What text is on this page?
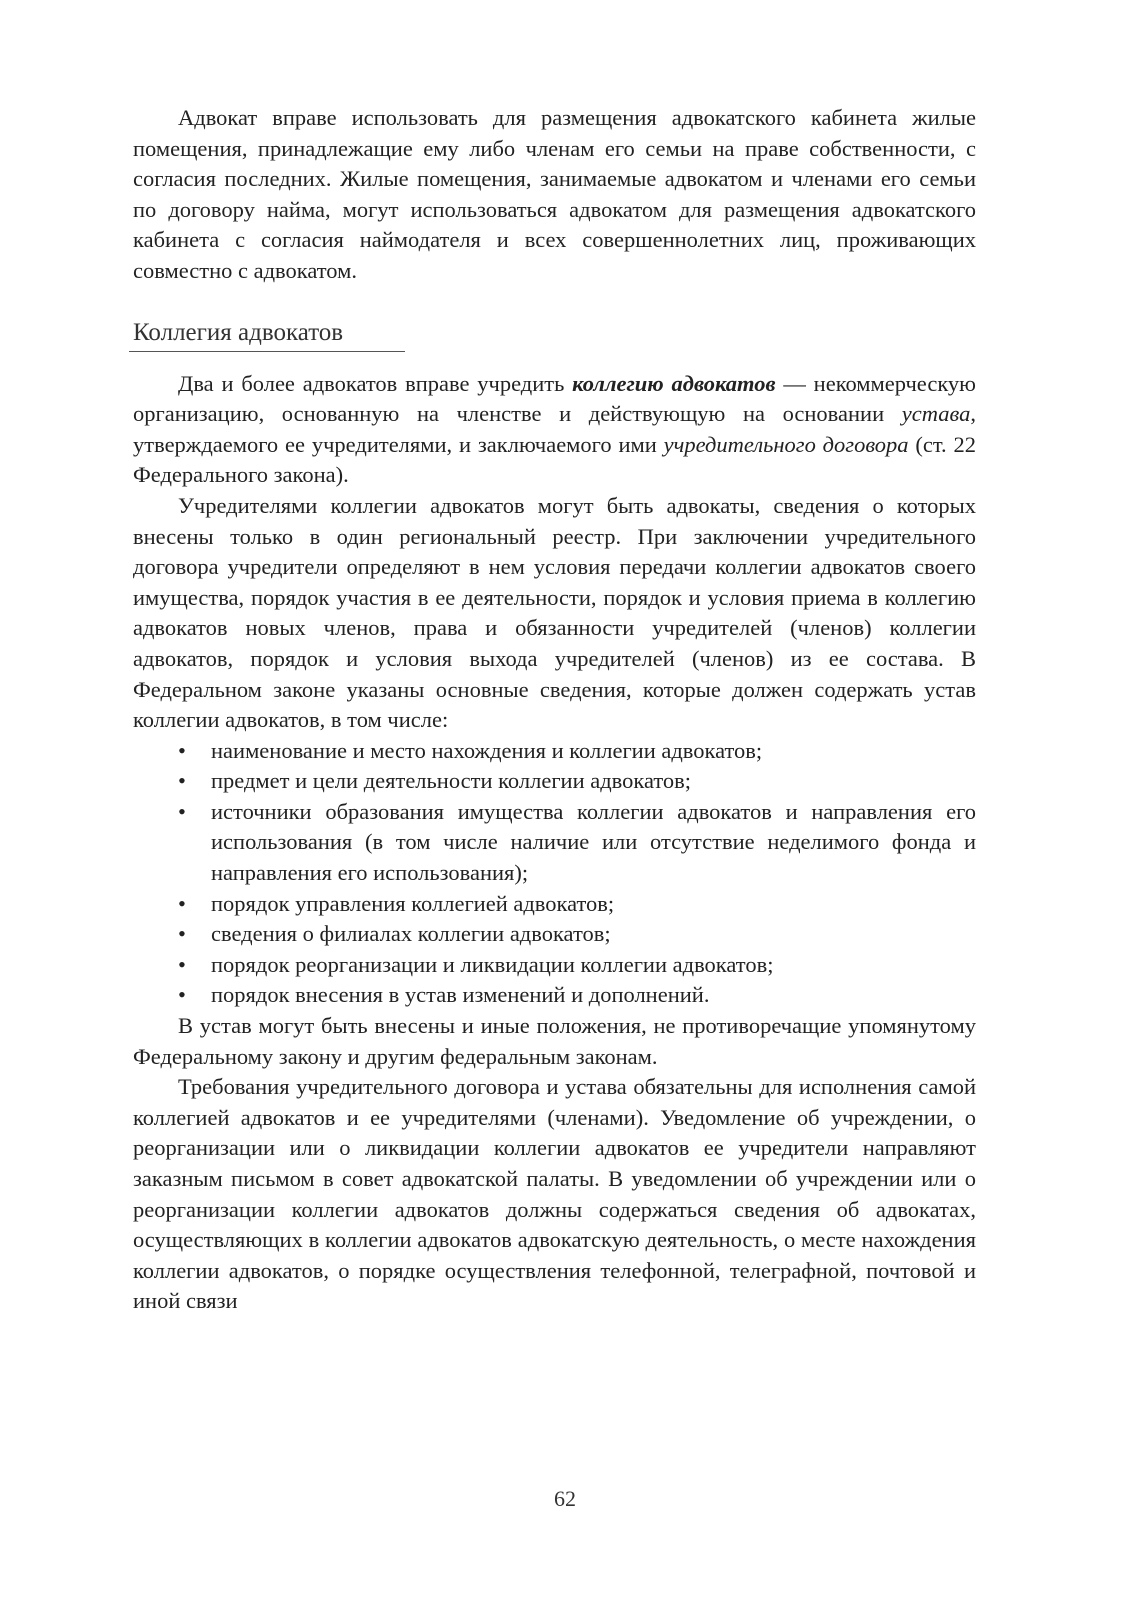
Адвокат вправе использовать для размещения адвокатского кабинета жилые помещения, принадлежащие ему либо членам его семьи на праве собственности, с согласия последних. Жилые помещения, занимаемые адвокатом и членами его семьи по договору найма, могут использоваться адвокатом для размещения адвокатского кабинета с согласия наймодателя и всех совершеннолетних лиц, проживающих совместно с адвокатом.

Коллегия адвокатов

Два и более адвокатов вправе учредить коллегию адвокатов — некоммерческую организацию, основанную на членстве и действующую на основании устава, утверждаемого ее учредителями, и заключаемого ими учредительного договора (ст. 22 Федерального закона).

Учредителями коллегии адвокатов могут быть адвокаты, сведения о которых внесены только в один региональный реестр. При заключении учредительного договора учредители определяют в нем условия передачи коллегии адвокатов своего имущества, порядок участия в ее деятельности, порядок и условия приема в коллегию адвокатов новых членов, права и обязанности учредителей (членов) коллегии адвокатов, порядок и условия выхода учредителей (членов) из ее состава. В Федеральном законе указаны основные сведения, которые должен содержать устав коллегии адвокатов, в том числе:

•	наименование и место нахождения и коллегии адвокатов;
•	предмет и цели деятельности коллегии адвокатов;
•	источники образования имущества коллегии адвокатов и направления его использования (в том числе наличие или отсутствие неделимого фонда и направления его использования);
•	порядок управления коллегией адвокатов;
•	сведения о филиалах коллегии адвокатов;
•	порядок реорганизации и ликвидации коллегии адвокатов;
•	порядок внесения в устав изменений и дополнений.

В устав могут быть внесены и иные положения, не противоречащие упомянутому Федеральному закону и другим федеральным законам.

Требования учредительного договора и устава обязательны для исполнения самой коллегией адвокатов и ее учредителями (членами). Уведомление об учреждении, о реорганизации или о ликвидации коллегии адвокатов ее учредители направляют заказным письмом в совет адвокатской палаты. В уведомлении об учреждении или о реорганизации коллегии адвокатов должны содержаться сведения об адвокатах, осуществляющих в коллегии адвокатов адвокатскую деятельность, о месте нахождения коллегии адвокатов, о порядке осуществления телефонной, телеграфной, почтовой и иной связи

62
